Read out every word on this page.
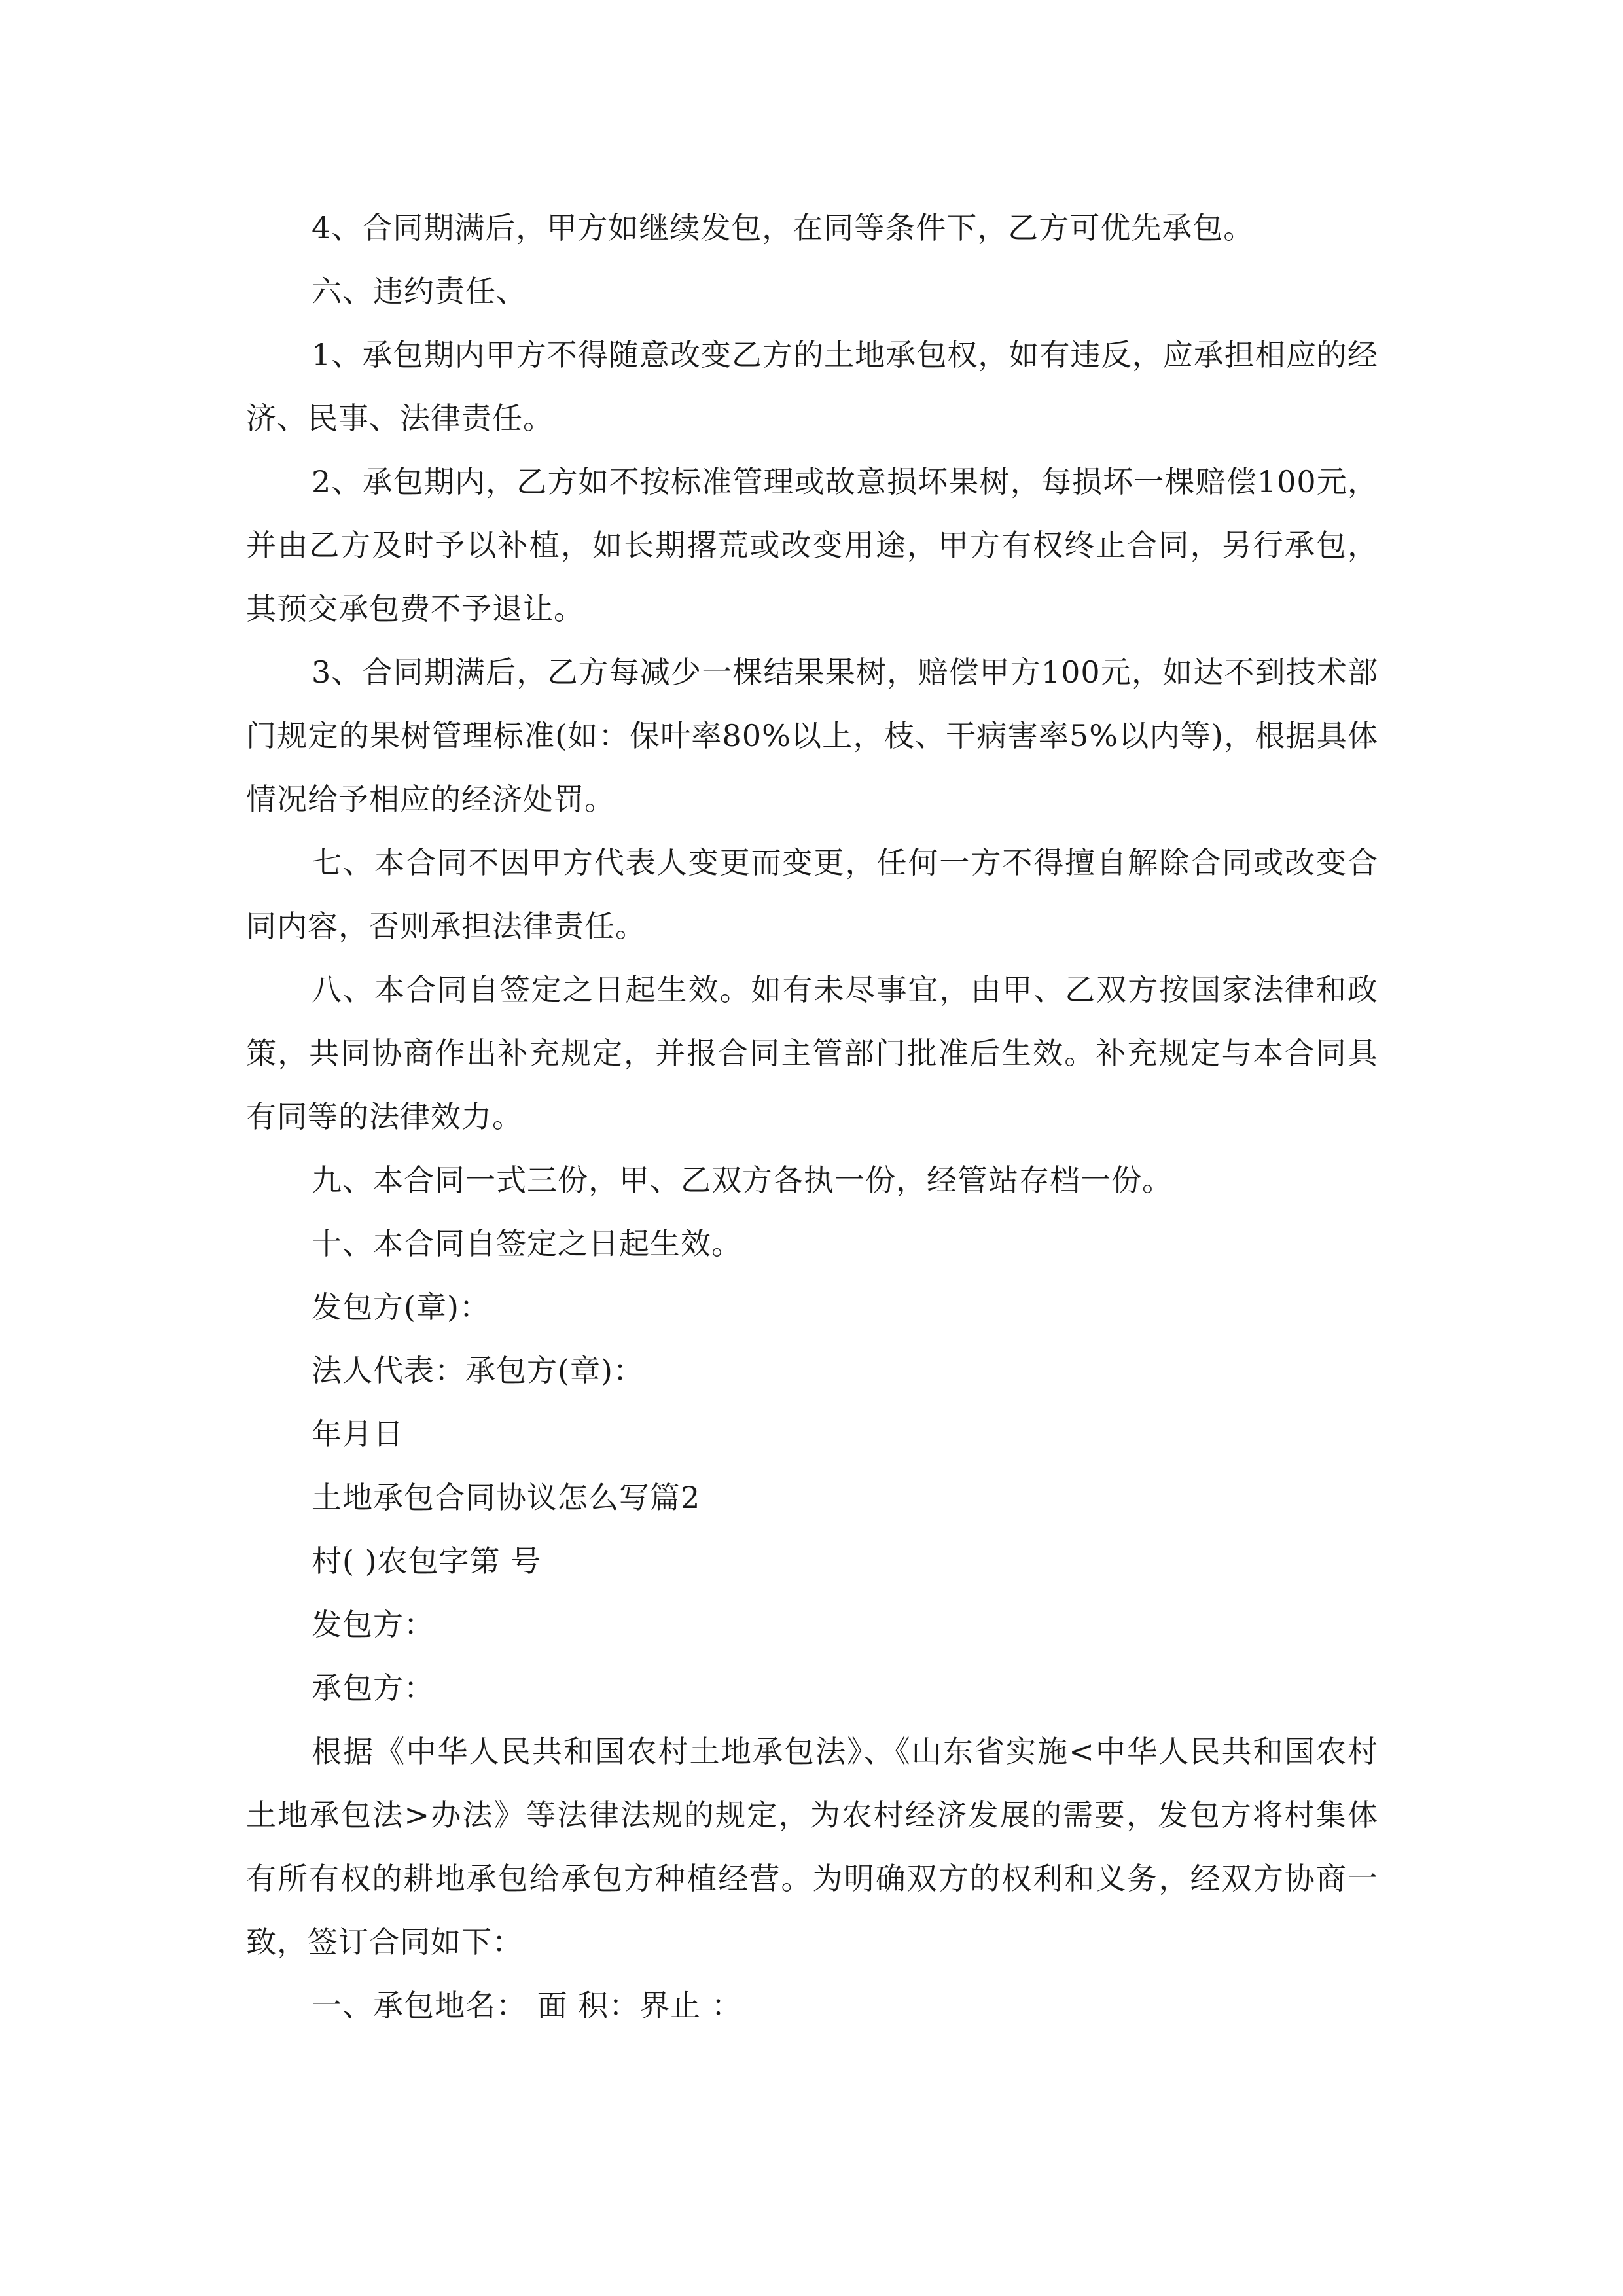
4、合同期满后，甲方如继续发包，在同等条件下，乙方可优先承包。

六、违约责任、

1、承包期内甲方不得随意改变乙方的土地承包权，如有违反，应承担相应的经济、民事、法律责任。

2、承包期内，乙方如不按标准管理或故意损坏果树，每损坏一棵赔偿100元，并由乙方及时予以补植，如长期撂荒或改变用途，甲方有权终止合同，另行承包，其预交承包费不予退让。

3、合同期满后，乙方每减少一棵结果果树，赔偿甲方100元，如达不到技术部门规定的果树管理标准(如：保叶率80%以上，枝、干病害率5%以内等)，根据具体情况给予相应的经济处罚。

七、本合同不因甲方代表人变更而变更，任何一方不得擅自解除合同或改变合同内容，否则承担法律责任。

八、本合同自签定之日起生效。如有未尽事宜，由甲、乙双方按国家法律和政策，共同协商作出补充规定，并报合同主管部门批准后生效。补充规定与本合同具有同等的法律效力。

九、本合同一式三份，甲、乙双方各执一份，经管站存档一份。

十、本合同自签定之日起生效。

发包方(章)：

法人代表：承包方(章)：

年月日

土地承包合同协议怎么写篇2

村( )农包字第 号

发包方：

承包方：

根据《中华人民共和国农村土地承包法》、《山东省实施<中华人民共和国农村土地承包法>办法》等法律法规的规定，为农村经济发展的需要，发包方将村集体有所有权的耕地承包给承包方种植经营。为明确双方的权利和义务，经双方协商一致，签订合同如下：

一、承包地名： 面 积：界止 ：
